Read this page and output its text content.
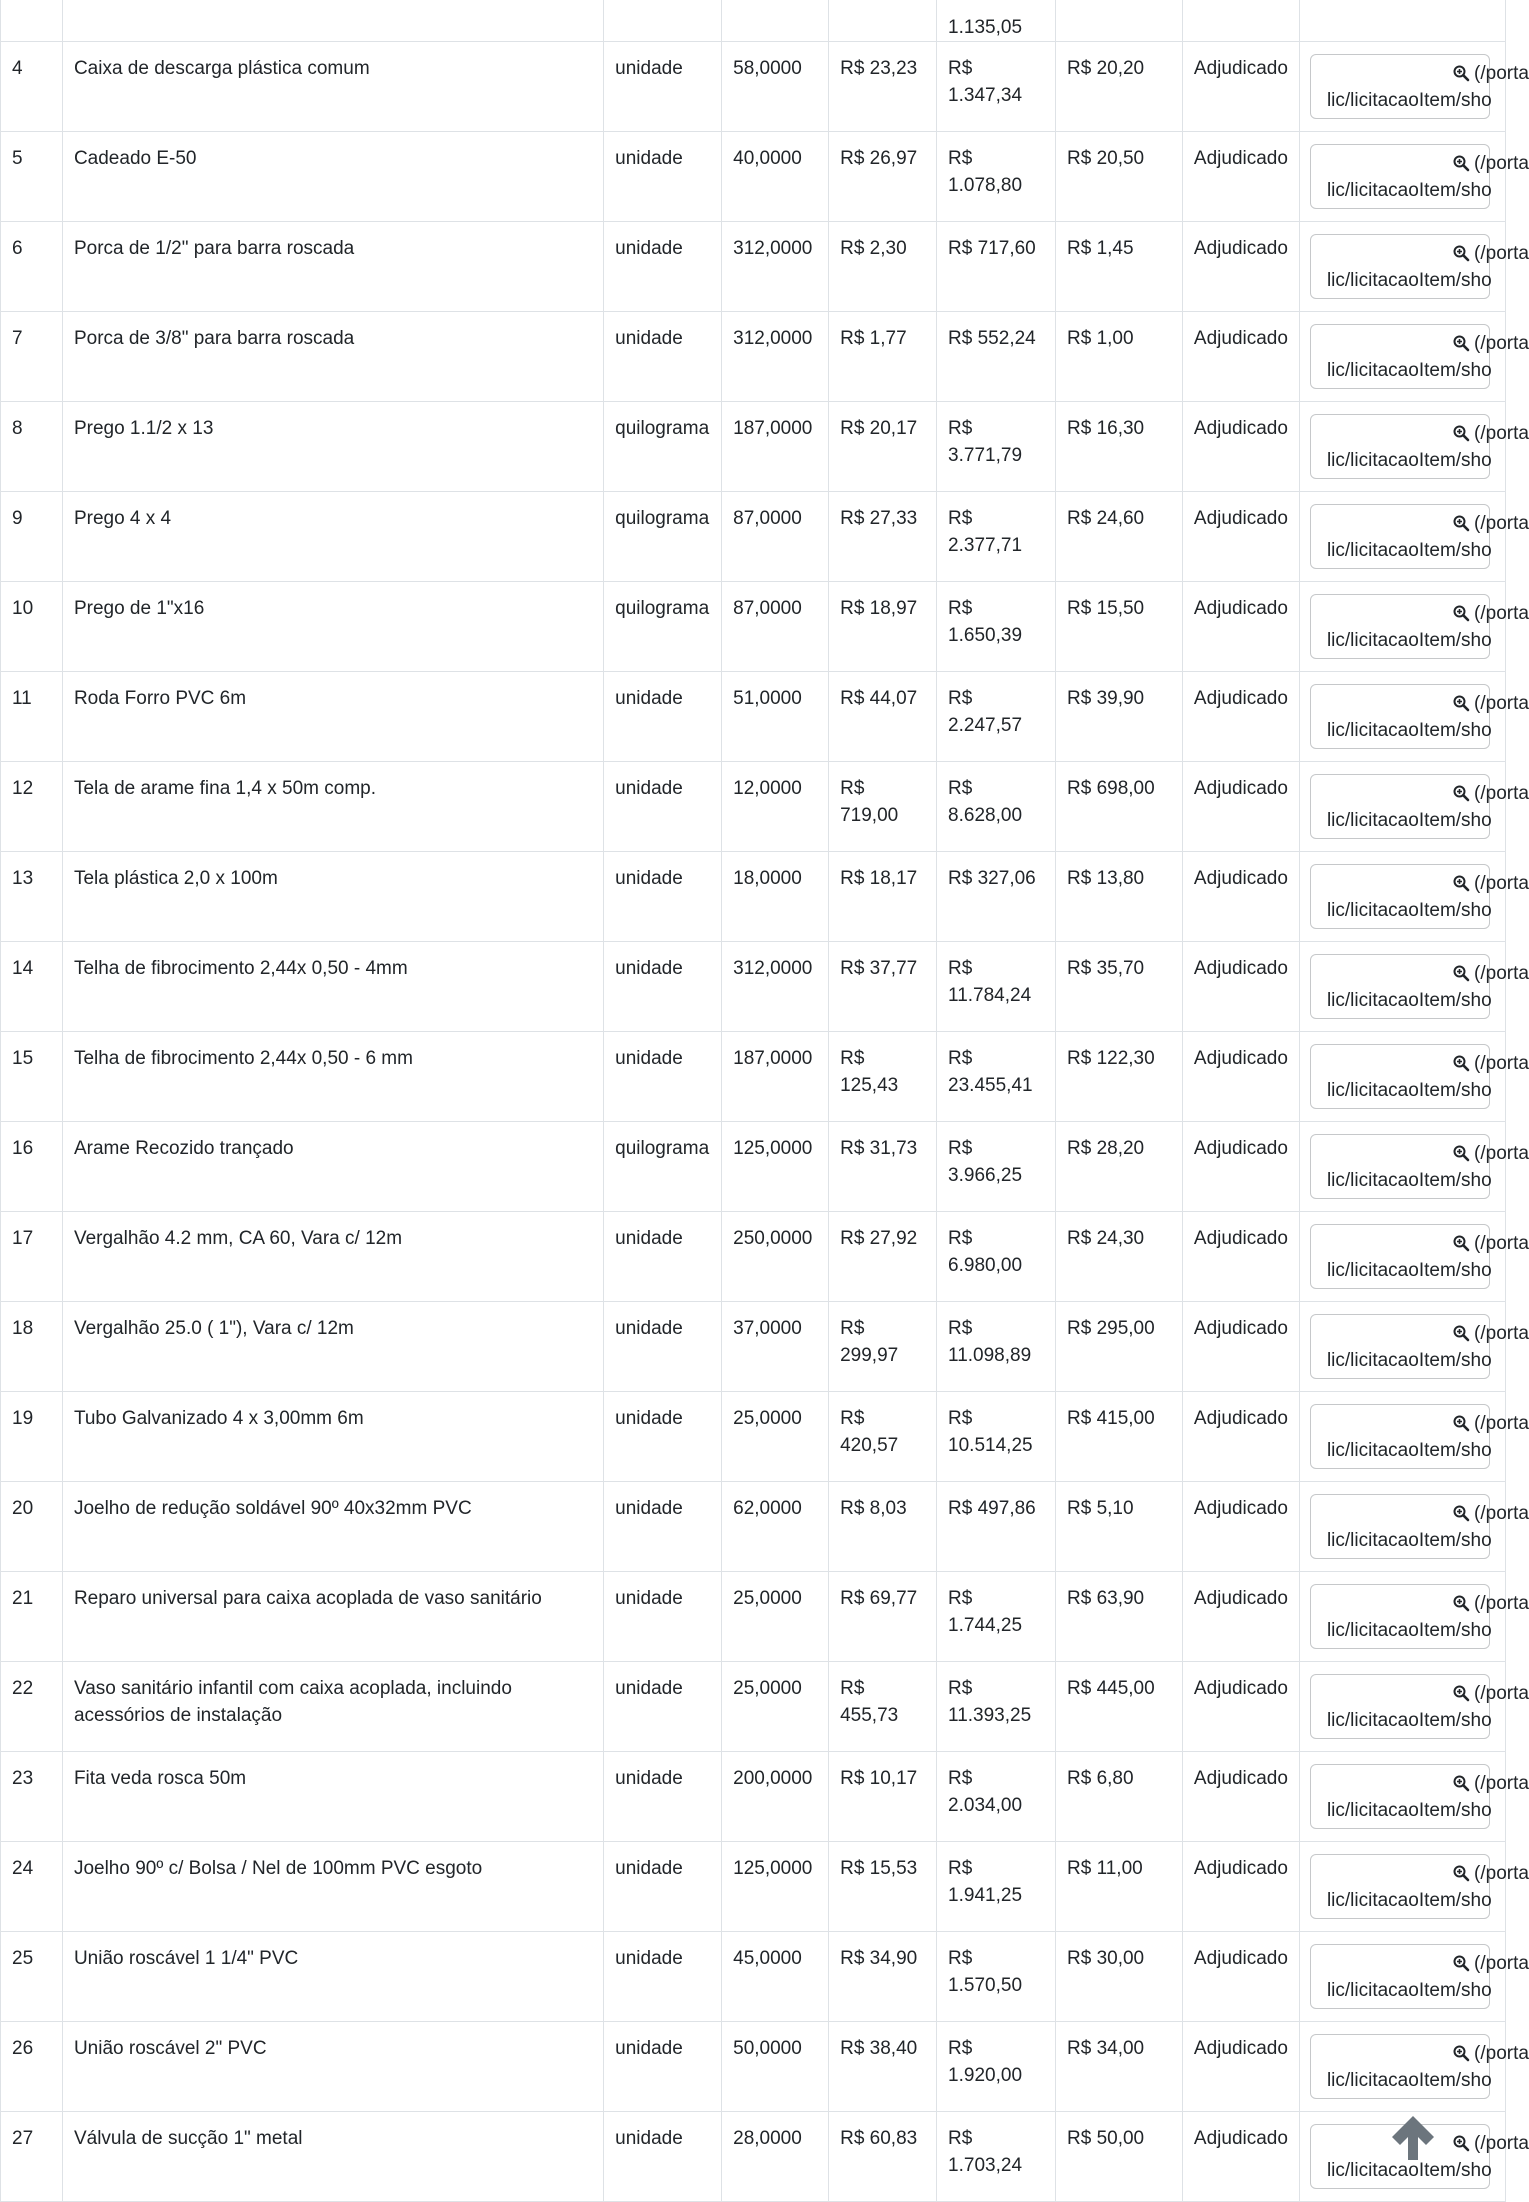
					1.135,05			

4	Caixa de descarga plástica comum	unidade	58,0000	R$ 23,23	R$ 1.347,34	R$ 20,20	Adjudicado	(/porta
lic/licitacaoItem/sho

5	Cadeado E-50	unidade	40,0000	R$ 26,97	R$ 1.078,80	R$ 20,50	Adjudicado	(/porta
lic/licitacaoItem/sho

6	Porca de 1/2" para barra roscada	unidade	312,0000	R$ 2,30	R$ 717,60	R$ 1,45	Adjudicado	(/porta
lic/licitacaoItem/sho

7	Porca de 3/8" para barra roscada	unidade	312,0000	R$ 1,77	R$ 552,24	R$ 1,00	Adjudicado	(/porta
lic/licitacaoItem/sho

8	Prego 1.1/2 x 13	quilograma	187,0000	R$ 20,17	R$ 3.771,79	R$ 16,30	Adjudicado	(/porta
lic/licitacaoItem/sho

9	Prego 4 x 4	quilograma	87,0000	R$ 27,33	R$ 2.377,71	R$ 24,60	Adjudicado	(/porta
lic/licitacaoItem/sho

10	Prego de 1"x16	quilograma	87,0000	R$ 18,97	R$ 1.650,39	R$ 15,50	Adjudicado	(/porta
lic/licitacaoItem/sho

11	Roda Forro PVC 6m	unidade	51,0000	R$ 44,07	R$ 2.247,57	R$ 39,90	Adjudicado	(/porta
lic/licitacaoItem/sho

12	Tela de arame fina 1,4 x 50m comp.	unidade	12,0000	R$ 719,00	R$ 8.628,00	R$ 698,00	Adjudicado	(/porta
lic/licitacaoItem/sho

13	Tela plástica 2,0 x 100m	unidade	18,0000	R$ 18,17	R$ 327,06	R$ 13,80	Adjudicado	(/porta
lic/licitacaoItem/sho

14	Telha de fibrocimento 2,44x 0,50 - 4mm	unidade	312,0000	R$ 37,77	R$ 11.784,24	R$ 35,70	Adjudicado	(/porta
lic/licitacaoItem/sho

15	Telha de fibrocimento 2,44x 0,50 - 6 mm	unidade	187,0000	R$ 125,43	R$ 23.455,41	R$ 122,30	Adjudicado	(/porta
lic/licitacaoItem/sho

16	Arame Recozido trançado	quilograma	125,0000	R$ 31,73	R$ 3.966,25	R$ 28,20	Adjudicado	(/porta
lic/licitacaoItem/sho

17	Vergalhão 4.2 mm, CA 60, Vara c/ 12m	unidade	250,0000	R$ 27,92	R$ 6.980,00	R$ 24,30	Adjudicado	(/porta
lic/licitacaoItem/sho

18	Vergalhão 25.0 ( 1"), Vara c/ 12m	unidade	37,0000	R$ 299,97	R$ 11.098,89	R$ 295,00	Adjudicado	(/porta
lic/licitacaoItem/sho

19	Tubo Galvanizado 4 x 3,00mm 6m	unidade	25,0000	R$ 420,57	R$ 10.514,25	R$ 415,00	Adjudicado	(/porta
lic/licitacaoItem/sho

20	Joelho de redução soldável 90º 40x32mm PVC	unidade	62,0000	R$ 8,03	R$ 497,86	R$ 5,10	Adjudicado	(/porta
lic/licitacaoItem/sho

21	Reparo universal para caixa acoplada de vaso sanitário	unidade	25,0000	R$ 69,77	R$ 1.744,25	R$ 63,90	Adjudicado	(/porta
lic/licitacaoItem/sho

22	Vaso sanitário infantil com caixa acoplada, incluindo acessórios de instalação	unidade	25,0000	R$ 455,73	R$ 11.393,25	R$ 445,00	Adjudicado	(/porta
lic/licitacaoItem/sho

23	Fita veda rosca 50m	unidade	200,0000	R$ 10,17	R$ 2.034,00	R$ 6,80	Adjudicado	(/porta
lic/licitacaoItem/sho

24	Joelho 90º c/ Bolsa / Nel de 100mm PVC esgoto	unidade	125,0000	R$ 15,53	R$ 1.941,25	R$ 11,00	Adjudicado	(/porta
lic/licitacaoItem/sho

25	União roscável 1 1/4" PVC	unidade	45,0000	R$ 34,90	R$ 1.570,50	R$ 30,00	Adjudicado	(/porta
lic/licitacaoItem/sho

26	União roscável 2" PVC	unidade	50,0000	R$ 38,40	R$ 1.920,00	R$ 34,00	Adjudicado	(/porta
lic/licitacaoItem/sho

27	Válvula de sucção 1" metal	unidade	28,0000	R$ 60,83	R$ 1.703,24	R$ 50,00	Adjudicado	(/porta
lic/licitacaoItem/sho
